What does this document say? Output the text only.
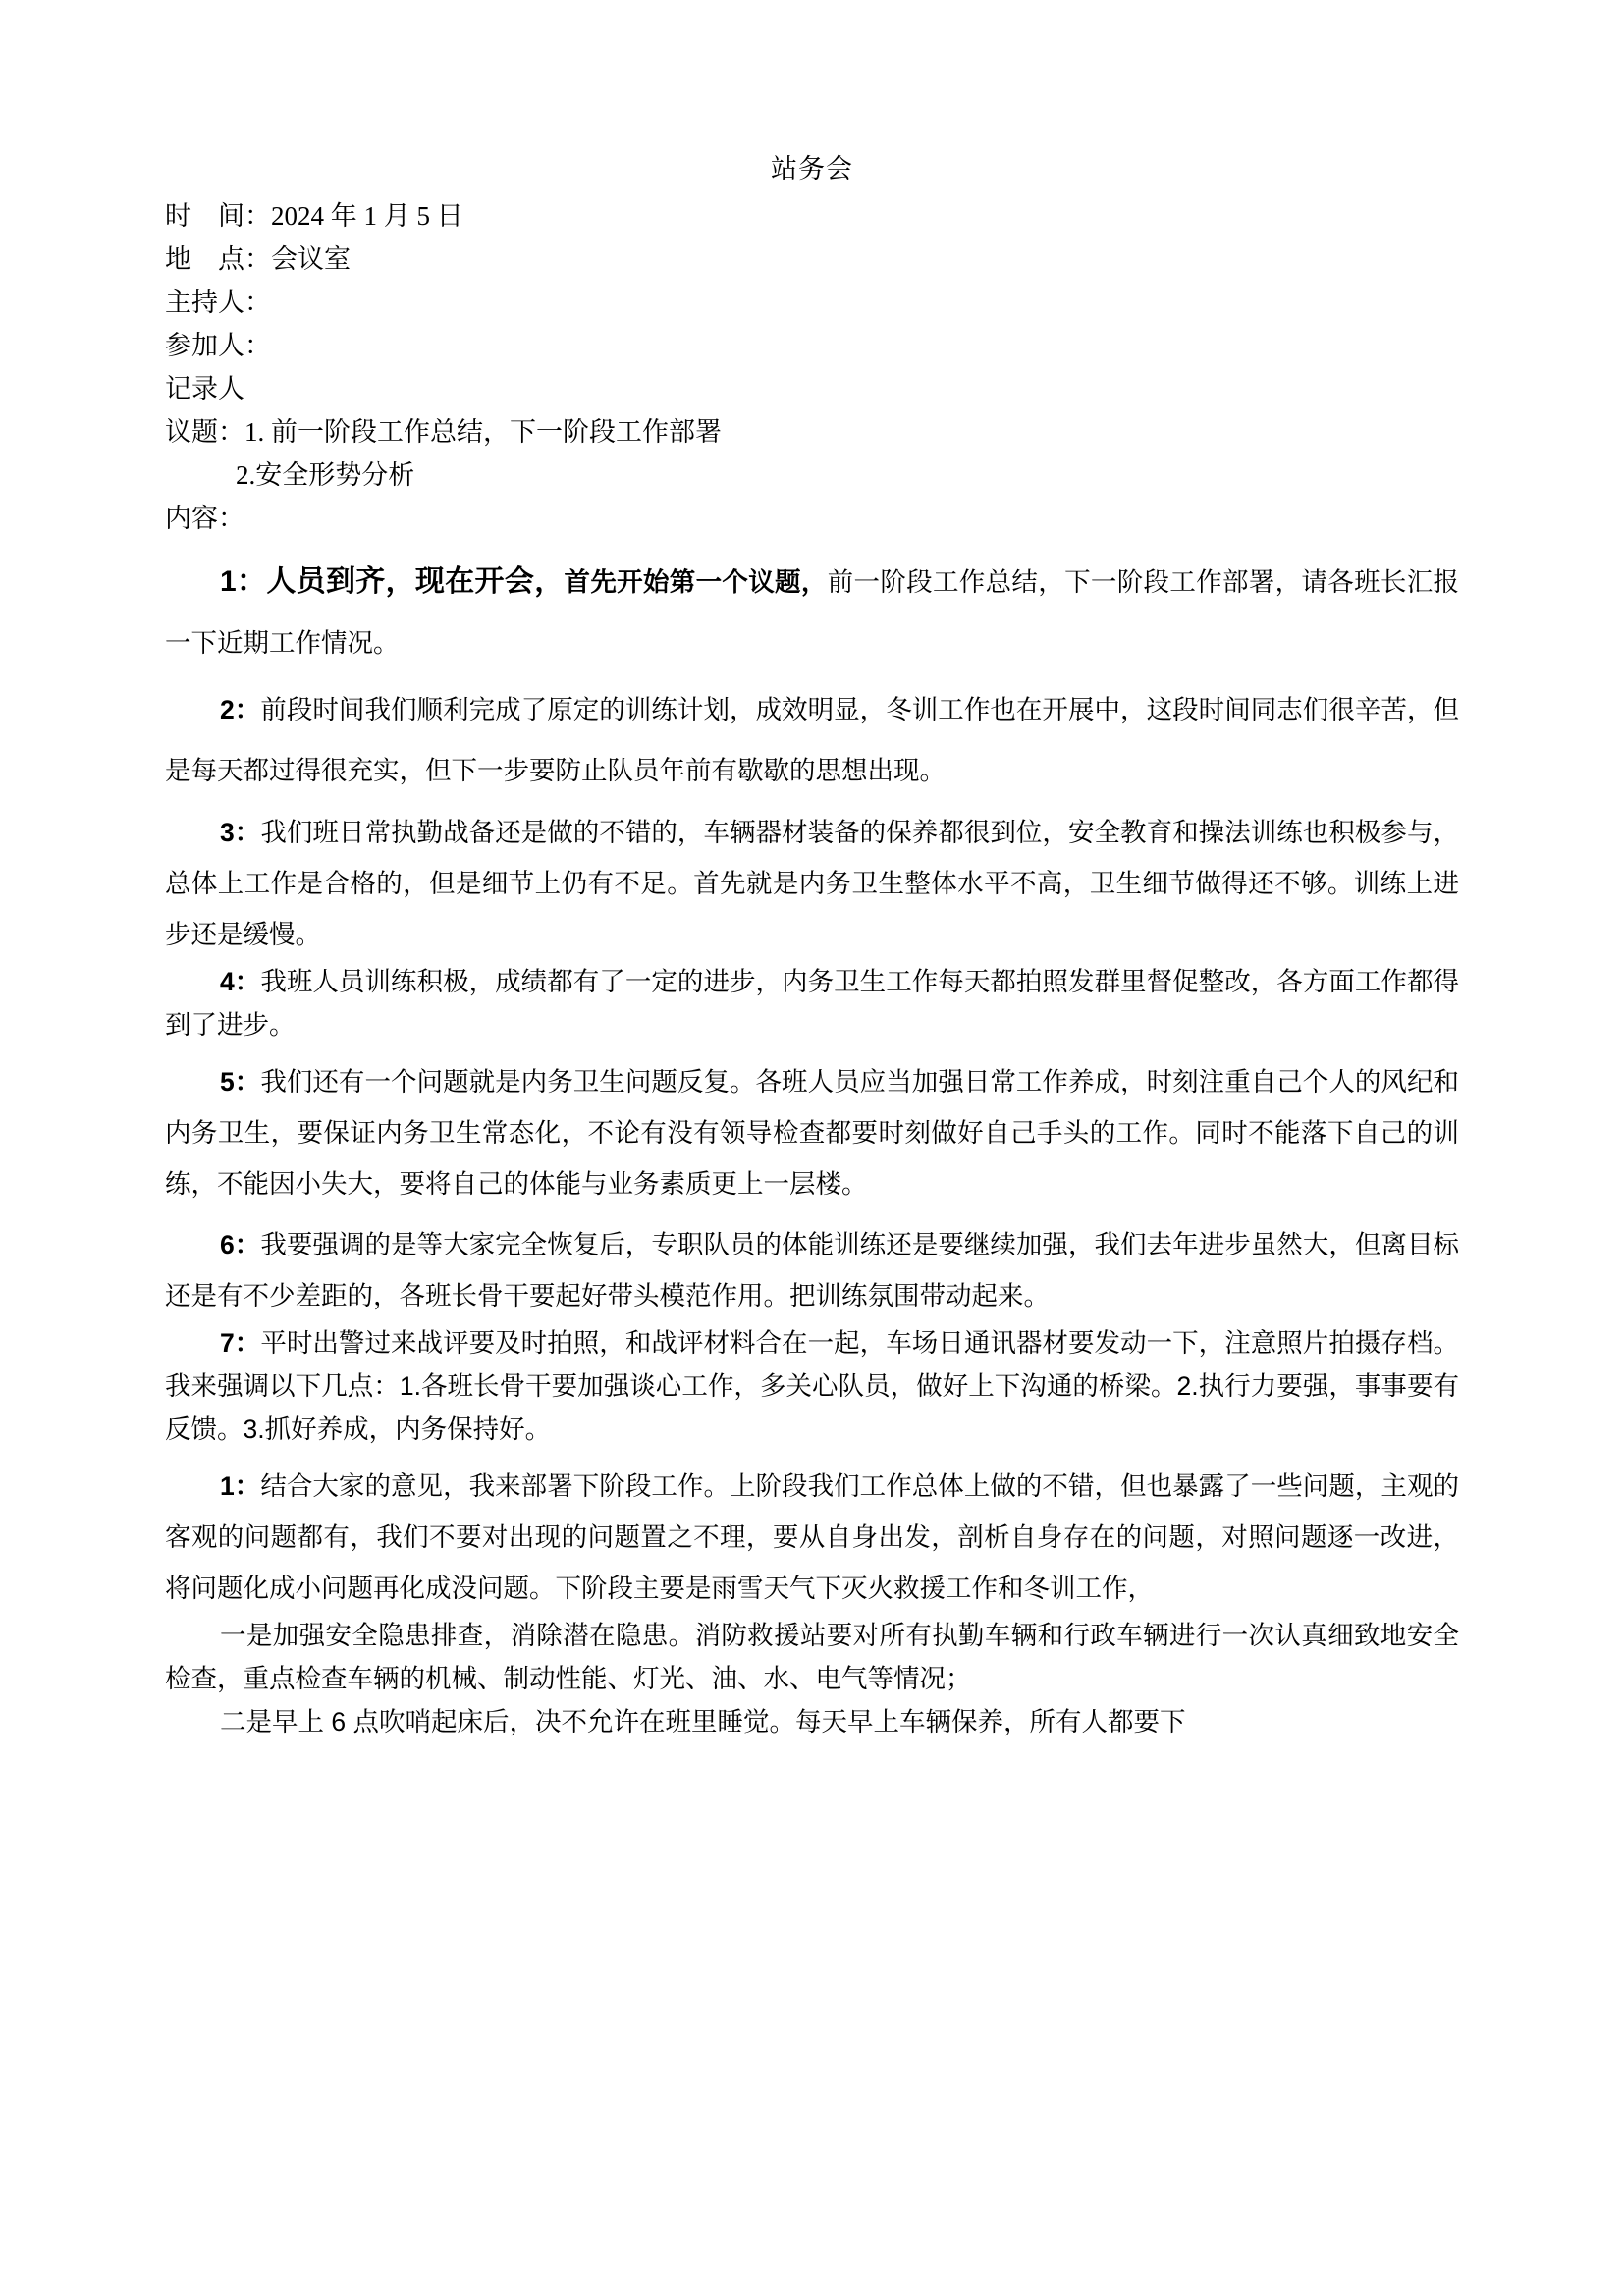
站务会
时　间：2024 年 1 月 5 日
地　点：会议室
主持人：
参加人：
记录人
议题：1. 前一阶段工作总结，下一阶段工作部署
2.安全形势分析
内容：

1：人员到齐，现在开会，首先开始第一个议题，前一阶段工作总结，下一阶段工作部署，请各班长汇报一下近期工作情况。

2：前段时间我们顺利完成了原定的训练计划，成效明显，冬训工作也在开展中，这段时间同志们很辛苦，但是每天都过得很充实，但下一步要防止队员年前有歇歇的思想出现。

3：我们班日常执勤战备还是做的不错的，车辆器材装备的保养都很到位，安全教育和操法训练也积极参与，总体上工作是合格的，但是细节上仍有不足。首先就是内务卫生整体水平不高，卫生细节做得还不够。训练上进步还是缓慢。

4：我班人员训练积极，成绩都有了一定的进步，内务卫生工作每天都拍照发群里督促整改，各方面工作都得到了进步。

5：我们还有一个问题就是内务卫生问题反复。各班人员应当加强日常工作养成，时刻注重自己个人的风纪和内务卫生，要保证内务卫生常态化，不论有没有领导检查都要时刻做好自己手头的工作。同时不能落下自己的训练，不能因小失大，要将自己的体能与业务素质更上一层楼。

6：我要强调的是等大家完全恢复后，专职队员的体能训练还是要继续加强，我们去年进步虽然大，但离目标还是有不少差距的，各班长骨干要起好带头模范作用。把训练氛围带动起来。

7：平时出警过来战评要及时拍照，和战评材料合在一起，车场日通讯器材要发动一下，注意照片拍摄存档。我来强调以下几点：1.各班长骨干要加强谈心工作，多关心队员，做好上下沟通的桥梁。2.执行力要强，事事要有反馈。3.抓好养成，内务保持好。

1：结合大家的意见，我来部署下阶段工作。上阶段我们工作总体上做的不错，但也暴露了一些问题，主观的客观的问题都有，我们不要对出现的问题置之不理，要从自身出发，剖析自身存在的问题，对照问题逐一改进，将问题化成小问题再化成没问题。下阶段主要是雨雪天气下灭火救援工作和冬训工作，

一是加强安全隐患排查，消除潜在隐患。消防救援站要对所有执勤车辆和行政车辆进行一次认真细致地安全检查，重点检查车辆的机械、制动性能、灯光、油、水、电气等情况；

二是早上 6 点吹哨起床后，决不允许在班里睡觉。每天早上车辆保养，所有人都要下
